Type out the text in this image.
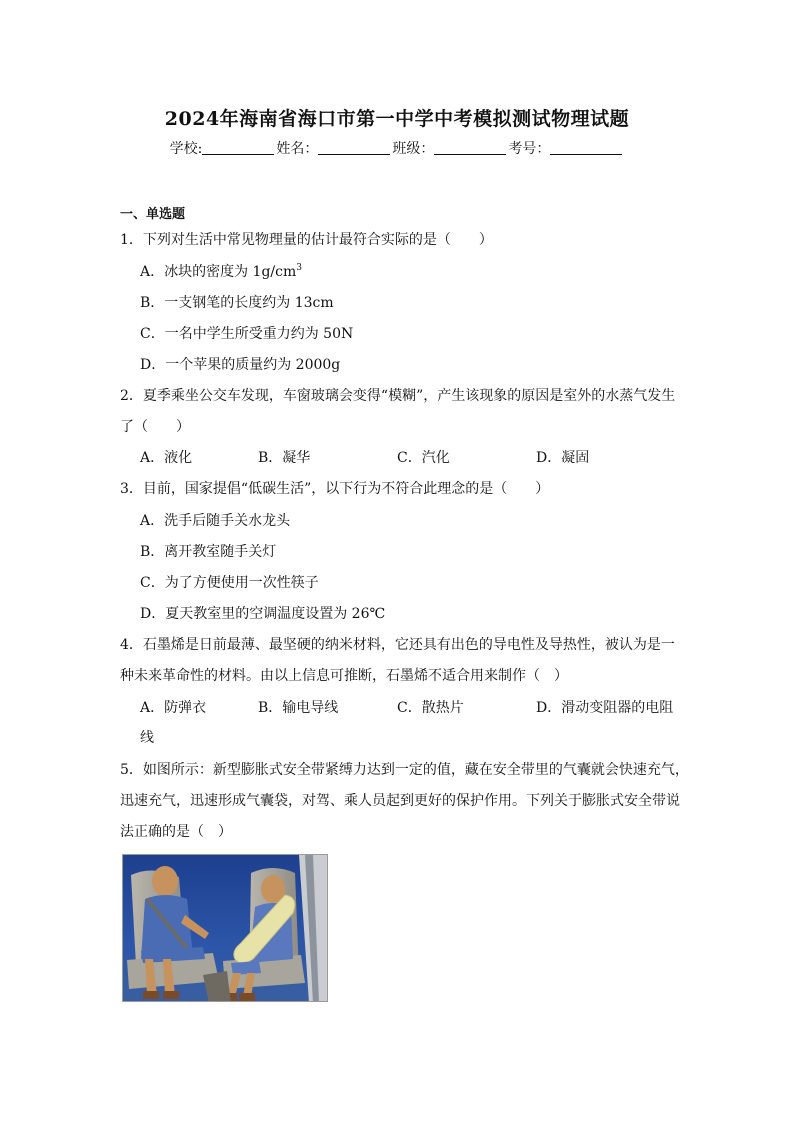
2024年海南省海口市第一中学中考模拟测试物理试题
学校:	姓名：	班级：	考号：
一、单选题
1．下列对生活中常见物理量的估计最符合实际的是（　　）
A．冰块的密度为 $1g/cm^3$
B．一支钢笔的长度约为 13cm
C．一名中学生所受重力约为 50N
D．一个苹果的质量约为 2000g
2．夏季乘坐公交车发现，车窗玻璃会变得“模糊”，产生该现象的原因是室外的水蒸气发生
了（　　）
A．液化	B．凝华	C．汽化	D．凝固
3．目前，国家提倡“低碳生活”，以下行为不符合此理念的是（　　）
A．洗手后随手关水龙头
B．离开教室随手关灯
C．为了方便使用一次性筷子
D．夏天教室里的空调温度设置为 26℃
4．石墨烯是日前最薄、最坚硬的纳米材料，它还具有出色的导电性及导热性，被认为是一
种未来革命性的材料。由以上信息可推断，石墨烯不适合用来制作（　）
A．防弹衣	B．输电导线	C．散热片	D．滑动变阻器的电阻
线
5．如图所示：新型膨胀式安全带紧缚力达到一定的值，藏在安全带里的气囊就会快速充气，
迅速充气，迅速形成气囊袋，对驾、乘人员起到更好的保护作用。下列关于膨胀式安全带说
法正确的是（　）
